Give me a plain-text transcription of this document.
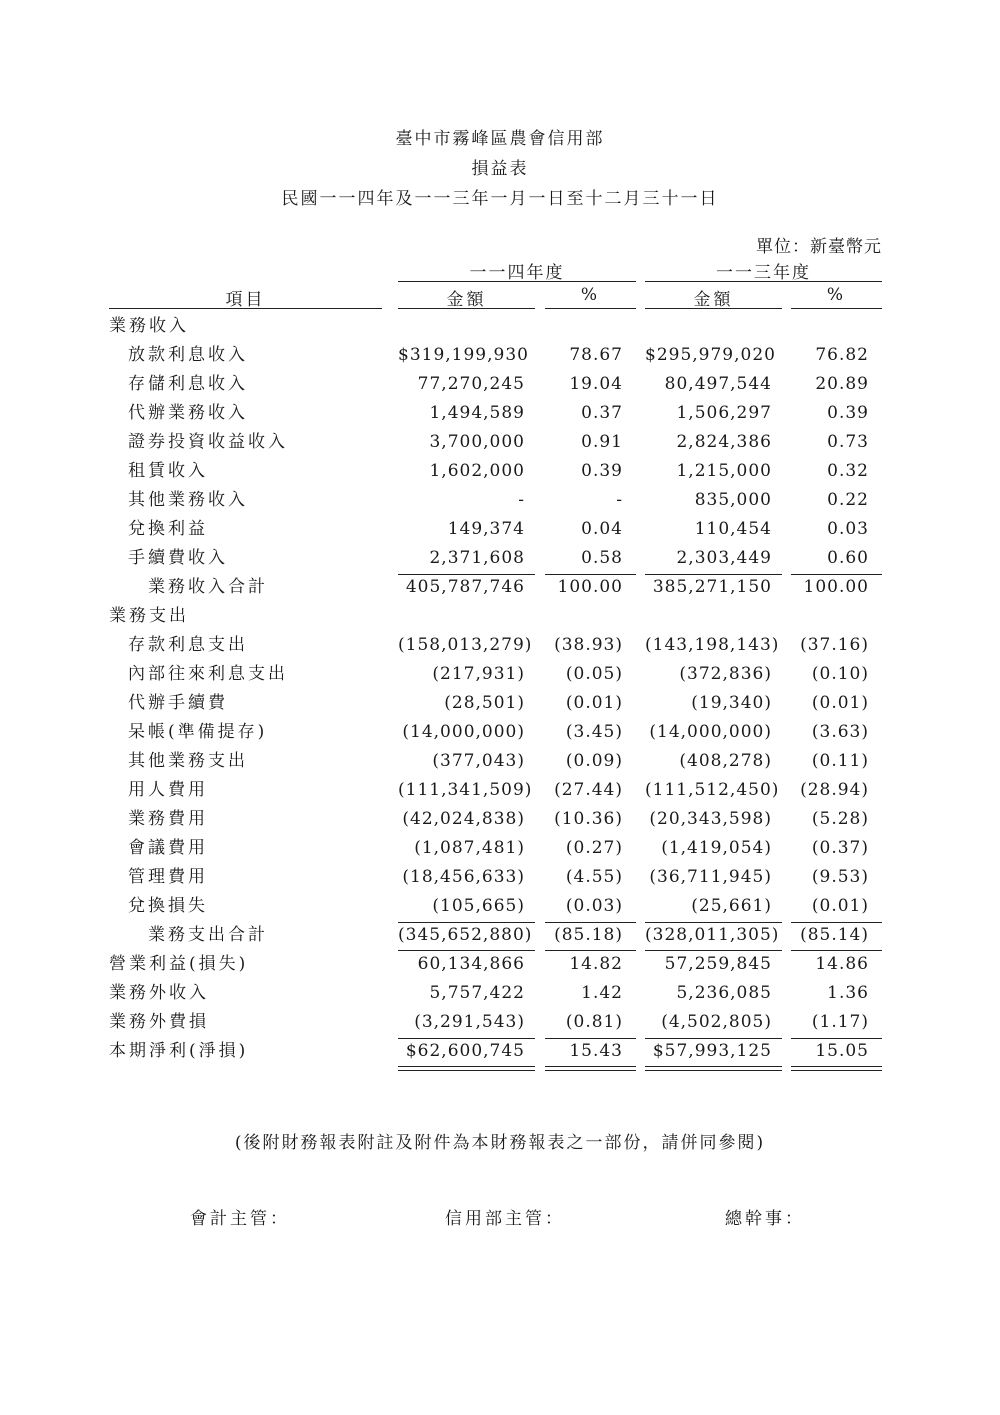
臺中市霧峰區農會信用部
損益表
民國一一四年及一一三年一月一日至十二月三十一日
單位：新臺幣元
一一四年度	一一三年度
項目	金額	%	金額	%
業務收入
放款利息收入	$319,199,930	78.67 $295,979,020	76.82
存儲利息收入	77,270,245	19.04	80,497,544	20.89
代辦業務收入	1,494,589	0.37	1,506,297	0.39
證券投資收益收入	3,700,000	0.91	2,824,386	0.73
租賃收入	1,602,000	0.39	1,215,000	0.32
其他業務收入	-	-	835,000	0.22
兌換利益	149,374	0.04	110,454	0.03
手續費收入	2,371,608	0.58	2,303,449	0.60
業務收入合計	405,787,746	100.00	385,271,150	100.00
業務支出
存款利息支出	(158,013,279)	(38.93) (143,198,143)	(37.16)
內部往來利息支出	(217,931)	(0.05)	(372,836)	(0.10)
代辦手續費	(28,501)	(0.01)	(19,340)	(0.01)
呆帳(準備提存)	(14,000,000)	(3.45) (14,000,000)	(3.63)
其他業務支出	(377,043)	(0.09)	(408,278)	(0.11)
用人費用	(111,341,509)	(27.44) (111,512,450)	(28.94)
業務費用	(42,024,838)	(10.36) (20,343,598)	(5.28)
會議費用	(1,087,481)	(0.27)	(1,419,054)	(0.37)
管理費用	(18,456,633)	(4.55) (36,711,945)	(9.53)
兌換損失	(105,665)	(0.03)	(25,661)	(0.01)
業務支出合計	(345,652,880)	(85.18) (328,011,305)	(85.14)
營業利益(損失)	60,134,866	14.82	57,259,845	14.86
業務外收入	5,757,422	1.42	5,236,085	1.36
業務外費損	(3,291,543)	(0.81)	(4,502,805)	(1.17)
本期淨利(淨損)	$62,600,745	15.43	$57,993,125	15.05
(後附財務報表附註及附件為本財務報表之一部份，請併同參閱)
會計主管：	信用部主管：	總幹事：
